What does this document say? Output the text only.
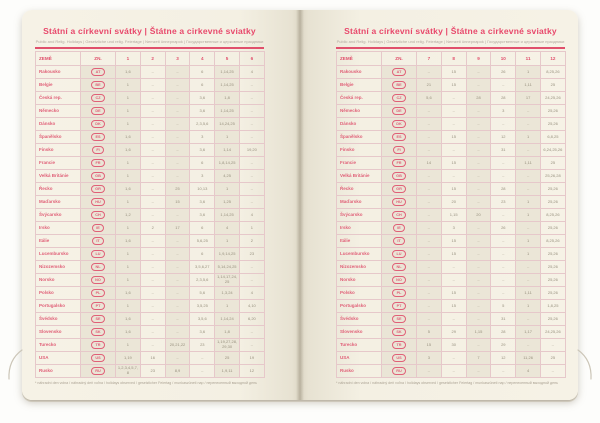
Státní a církevní svátky | Štátne a cirkevné sviatky
Public and Relig. Holidays | Gesetzliche und relig. Feiertage | Nemzeti ünnepnapok | Государственные и церковные праздники
ZEMĚ	ZN.	1	2	3	4	5	6
Rakousko	AT	1,6	–	–	6	1,14,25	4
Belgie	BE	1	–	–	6	1,14,25	–
Česká rep.	CZ	1	–	–	3,6	1,8	–
Německo	DE	1	–	–	3,6	1,14,25	–
Dánsko	DK	1	–	–	2,3,5,6	14,24,25	–
Španělsko	ES	1,6	–	–	3	1	–
Finsko	FI	1,6	–	–	3,6	1,14	19,20
Francie	FR	1	–	–	6	1,8,14,25	–
Velká Británie	GB	1	–	–	3	4,25	–
Řecko	GR	1,6	–	25	10,13	1	–
Maďarsko	HU	1	–	15	3,6	1,25	–
Švýcarsko	CH	1,2	–	–	3,6	1,14,25	4
Irsko	IE	1	2	17	6	4	1
Itálie	IT	1,6	–	–	5,6,25	1	2
Lucembursko	LU	1	–	–	6	1,9,14,25	23
Nizozemsko	NL	1	–	–	3,5,6,27	5,14,24,25	–
Norsko	NO	1	–	–	2,3,5,6	1,14,17,24,25	–
Polsko	PL	1,6	–	–	5,6	1,3,24	4
Portugalsko	PT	1	–	–	3,5,25	1	4,10
Švédsko	SE	1,6	–	–	3,5,6	1,14,24	6,20
Slovensko	SK	1,6	–	–	3,6	1,8	–
Turecko	TR	1	–	20,21,22	23	1,19,27,28,29,30	–
USA	US	1,19	16	–	–	25	19
Rusko	RU	1,2,3,4,5,7,8	23	8,9	–	1,9,11	12
* náhradní den volna / náhradný deň voľna / holidays observed / gesetzlicher Feiertag / munkaszüneti nap / перенесенный выходной день
Státní a církevní svátky | Štátne a cirkevné sviatky
Public and Relig. Holidays | Gesetzliche und relig. Feiertage | Nemzeti ünnepnapok | Государственные и церковные праздники
ZEMĚ	ZN.	7	8	9	10	11	12
Rakousko	AT	–	15	–	26	1	8,25,26
Belgie	BE	21	15	–	–	1,11	25
Česká rep.	CZ	5,6	–	28	28	17	24,25,26
Německo	DE	–	–	–	3	–	25,26
Dánsko	DK	–	–	–	–	–	25,26
Španělsko	ES	–	15	–	12	1	6,8,25
Finsko	FI	–	–	–	31	–	6,24,25,26
Francie	FR	14	15	–	–	1,11	25
Velká Británie	GB	–	–	–	–	–	25,26,28
Řecko	GR	–	15	–	28	–	25,26
Maďarsko	HU	–	20	–	23	1	25,26
Švýcarsko	CH	–	1,15	20	–	1	8,25,26
Irsko	IE	–	3	–	26	–	25,26
Itálie	IT	–	15	–	–	1	8,25,26
Lucembursko	LU	–	15	–	–	1	25,26
Nizozemsko	NL	–	–	–	–	–	25,26
Norsko	NO	–	–	–	–	–	25,26
Polsko	PL	–	15	–	–	1,11	25,26
Portugalsko	PT	–	15	–	5	1	1,8,25
Švédsko	SE	–	–	–	31	–	25,26
Slovensko	SK	5	29	1,15	28	1,17	24,25,26
Turecko	TR	15	30	–	29	–	–
USA	US	3	–	7	12	11,26	25
Rusko	RU	–	–	–	–	4	–
* náhradní den volna / náhradný deň voľna / holidays observed / gesetzlicher Feiertag / munkaszüneti nap / перенесенный выходной день
